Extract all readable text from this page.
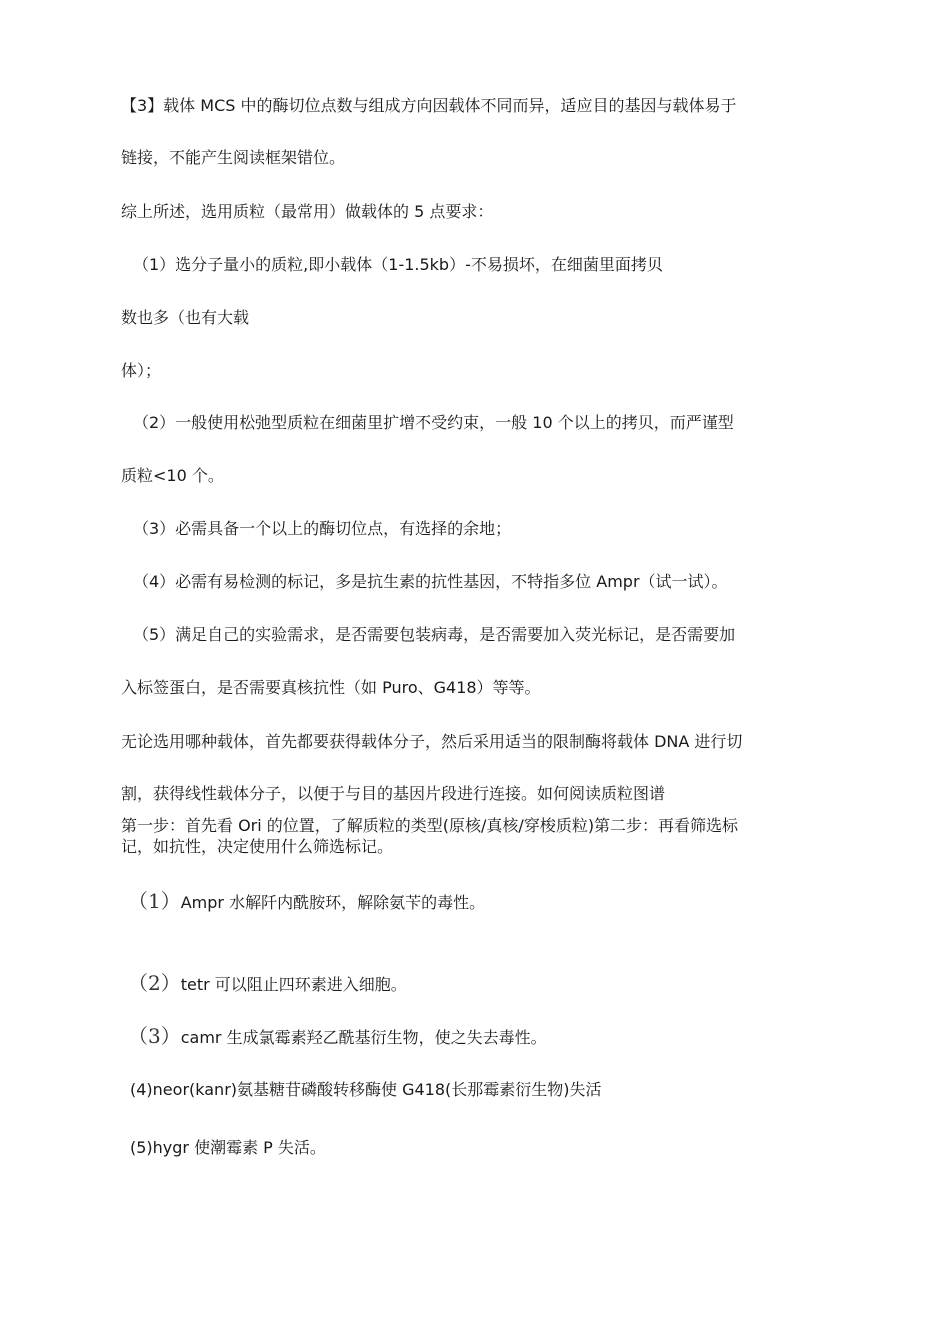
【3】载体 MCS 中的酶切位点数与组成方向因载体不同而异，适应目的基因与载体易于
链接，不能产生阅读框架错位。
综上所述，选用质粒（最常用）做载体的 5 点要求：
（1）选分子量小的质粒,即小载体（1-1.5kb）-不易损坏，在细菌里面拷贝
数也多（也有大载
体）；
（2）一般使用松弛型质粒在细菌里扩增不受约束，一般 10 个以上的拷贝，而严谨型
质粒<10 个。
（3）必需具备一个以上的酶切位点，有选择的余地；
（4）必需有易检测的标记，多是抗生素的抗性基因，不特指多位 Ampr（试一试）。
（5）满足自己的实验需求，是否需要包装病毒，是否需要加入荧光标记，是否需要加
入标签蛋白，是否需要真核抗性（如 Puro、G418）等等。
无论选用哪种载体，首先都要获得载体分子，然后采用适当的限制酶将载体 DNA 进行切
割，获得线性载体分子，以便于与目的基因片段进行连接。如何阅读质粒图谱
第一步：首先看 Ori 的位置，了解质粒的类型(原核/真核/穿梭质粒)第二步：再看筛选标
记，如抗性，决定使用什么筛选标记。
（1）Ampr 水解阡内酰胺环，解除氨苄的毒性。
（2）tetr 可以阻止四环素进入细胞。
（3）camr 生成氯霉素羟乙酰基衍生物，使之失去毒性。
(4)neor(kanr)氨基糖苷磷酸转移酶使 G418(长那霉素衍生物)失活
(5)hygr 使潮霉素 P 失活。
